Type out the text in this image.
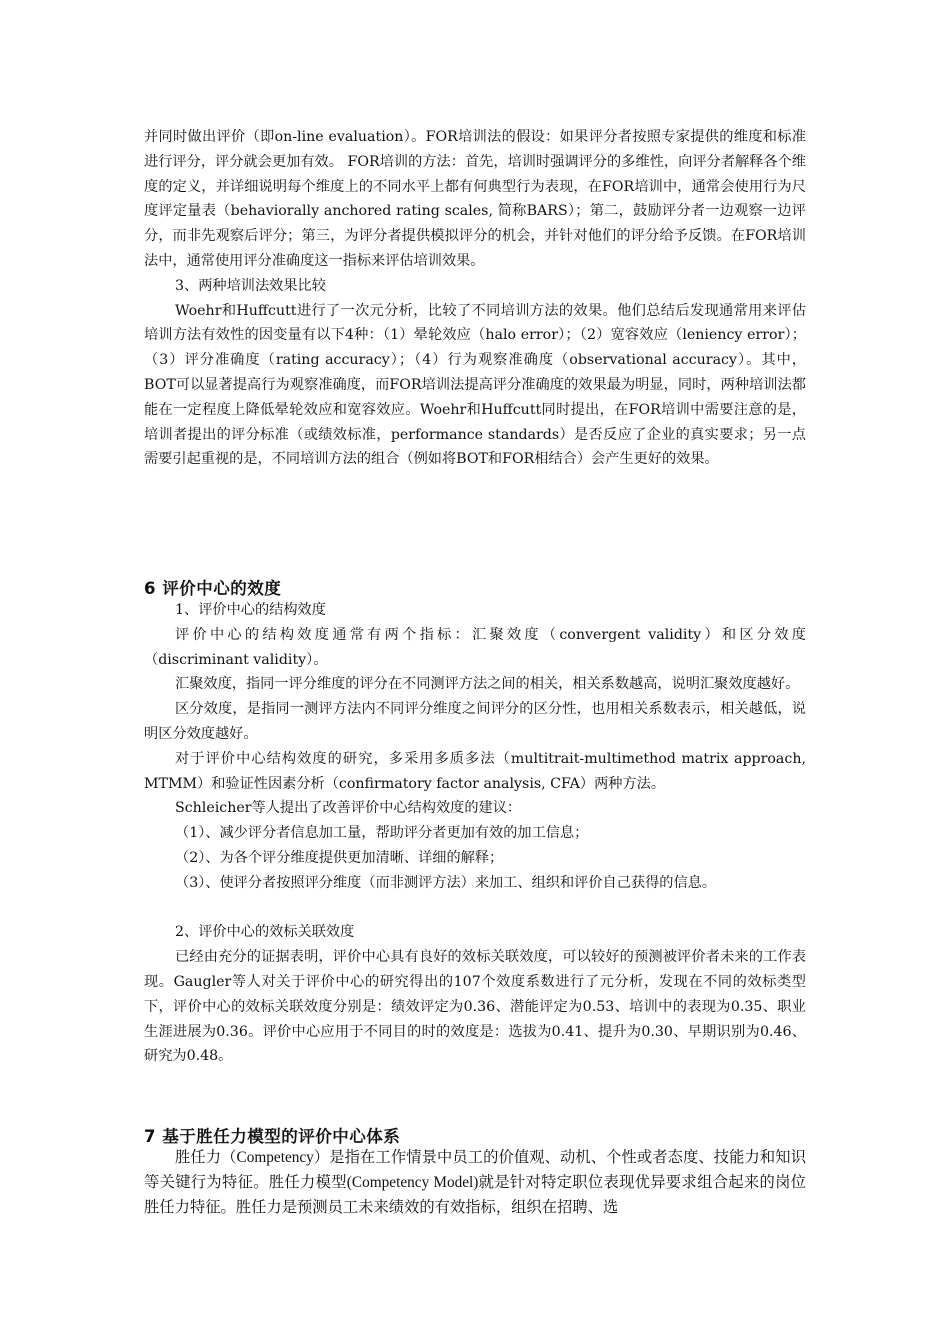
并同时做出评价（即on-line evaluation）。FOR培训法的假设：如果评分者按照专家提供的维度和标准进行评分，评分就会更加有效。 FOR培训的方法：首先，培训时强调评分的多维性，向评分者解释各个维度的定义，并详细说明每个维度上的不同水平上都有何典型行为表现，在FOR培训中，通常会使用行为尺度评定量表（behaviorally anchored rating scales, 简称BARS）；第二，鼓励评分者一边观察一边评分，而非先观察后评分；第三，为评分者提供模拟评分的机会，并针对他们的评分给予反馈。在FOR培训法中，通常使用评分准确度这一指标来评估培训效果。

3、两种培训法效果比较

Woehr和Huffcutt进行了一次元分析，比较了不同培训方法的效果。他们总结后发现通常用来评估培训方法有效性的因变量有以下4种：（1）晕轮效应（halo error）；（2）宽容效应（leniency error）；（3）评分准确度（rating accuracy）；（4）行为观察准确度（observational accuracy）。其中，BOT可以显著提高行为观察准确度，而FOR培训法提高评分准确度的效果最为明显，同时，两种培训法都能在一定程度上降低晕轮效应和宽容效应。Woehr和Huffcutt同时提出，在FOR培训中需要注意的是，培训者提出的评分标准（或绩效标准，performance standards）是否反应了企业的真实要求；另一点需要引起重视的是，不同培训方法的组合（例如将BOT和FOR相结合）会产生更好的效果。

6 评价中心的效度

1、评价中心的结构效度

评价中心的结构效度通常有两个指标：汇聚效度（convergent validity）和区分效度（discriminant validity）。

汇聚效度，指同一评分维度的评分在不同测评方法之间的相关，相关系数越高，说明汇聚效度越好。

区分效度，是指同一测评方法内不同评分维度之间评分的区分性，也用相关系数表示，相关越低，说明区分效度越好。

对于评价中心结构效度的研究，多采用多质多法（multitrait-multimethod matrix approach, MTMM）和验证性因素分析（confirmatory factor analysis, CFA）两种方法。

Schleicher等人提出了改善评价中心结构效度的建议：

（1）、减少评分者信息加工量，帮助评分者更加有效的加工信息；

（2）、为各个评分维度提供更加清晰、详细的解释；

（3）、使评分者按照评分维度（而非测评方法）来加工、组织和评价自己获得的信息。

2、评价中心的效标关联效度

已经由充分的证据表明，评价中心具有良好的效标关联效度，可以较好的预测被评价者未来的工作表现。Gaugler等人对关于评价中心的研究得出的107个效度系数进行了元分析，发现在不同的效标类型下，评价中心的效标关联效度分别是：绩效评定为0.36、潜能评定为0.53、培训中的表现为0.35、职业生涯进展为0.36。评价中心应用于不同目的时的效度是：选拔为0.41、提升为0.30、早期识别为0.46、研究为0.48。

7 基于胜任力模型的评价中心体系

胜任力（Competency）是指在工作情景中员工的价值观、动机、个性或者态度、技能力和知识等关键行为特征。胜任力模型(Competency Model)就是针对特定职位表现优异要求组合起来的岗位胜任力特征。胜任力是预测员工未来绩效的有效指标，组织在招聘、选
